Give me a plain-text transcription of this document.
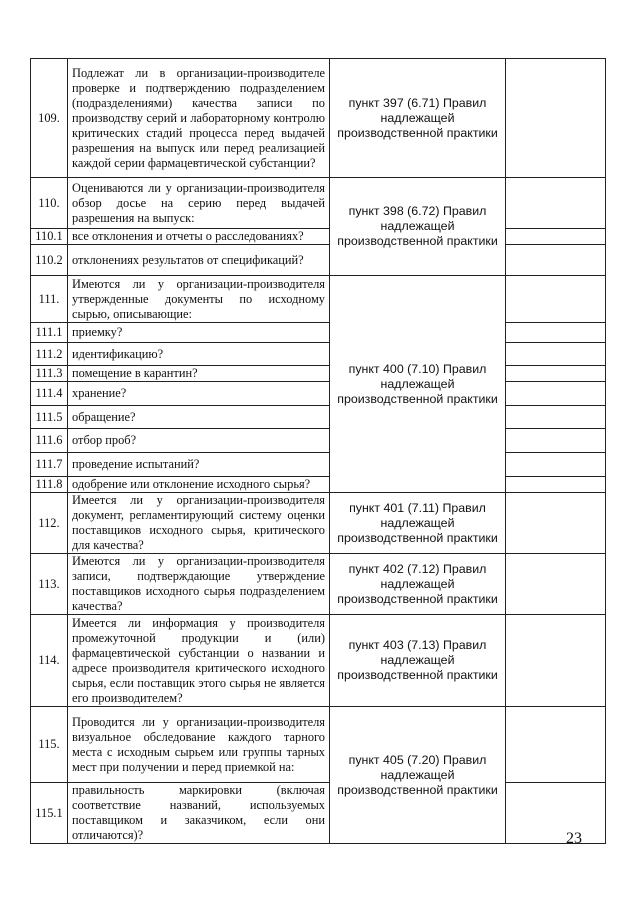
109.	Подлежат ли в организации-производителе проверке и подтверждению подразделением (подразделениями) качества записи по производству серий и лабораторному контролю критических стадий процесса перед выдачей разрешения на выпуск или перед реализацией каждой серии фармацевтической субстанции?	пункт 397 (6.71) Правил надлежащей производственной практики	
110.	Оцениваются ли у организации-производителя обзор досье на серию перед выдачей разрешения на выпуск:	пункт 398 (6.72) Правил надлежащей производственной практики	
110.1	все отклонения и отчеты о расследованиях?		
110.2	отклонениях результатов от спецификаций?		
111.	Имеются ли у организации-производителя утвержденные документы по исходному сырью, описывающие:	пункт 400 (7.10) Правил надлежащей производственной практики	
111.1	приемку?		
111.2	идентификацию?		
111.3	помещение в карантин?		
111.4	хранение?		
111.5	обращение?		
111.6	отбор проб?		
111.7	проведение испытаний?		
111.8	одобрение или отклонение исходного сырья?		
112.	Имеется ли у организации-производителя документ, регламентирующий систему оценки поставщиков исходного сырья, критического для качества?	пункт 401 (7.11) Правил надлежащей производственной практики	
113.	Имеются ли у организации-производителя записи, подтверждающие утверждение поставщиков исходного сырья подразделением качества?	пункт 402 (7.12) Правил надлежащей производственной практики	
114.	Имеется ли информация у производителя промежуточной продукции и (или) фармацевтической субстанции о названии и адресе производителя критического исходного сырья, если поставщик этого сырья не является его производителем?	пункт 403 (7.13) Правил надлежащей производственной практики	
115.	Проводится ли у организации-производителя визуальное обследование каждого тарного места с исходным сырьем или группы тарных мест при получении и перед приемкой на:	пункт 405 (7.20) Правил надлежащей производственной практики	
115.1	правильность маркировки (включая соответствие названий, используемых поставщиком и заказчиком, если они отличаются)?			23
